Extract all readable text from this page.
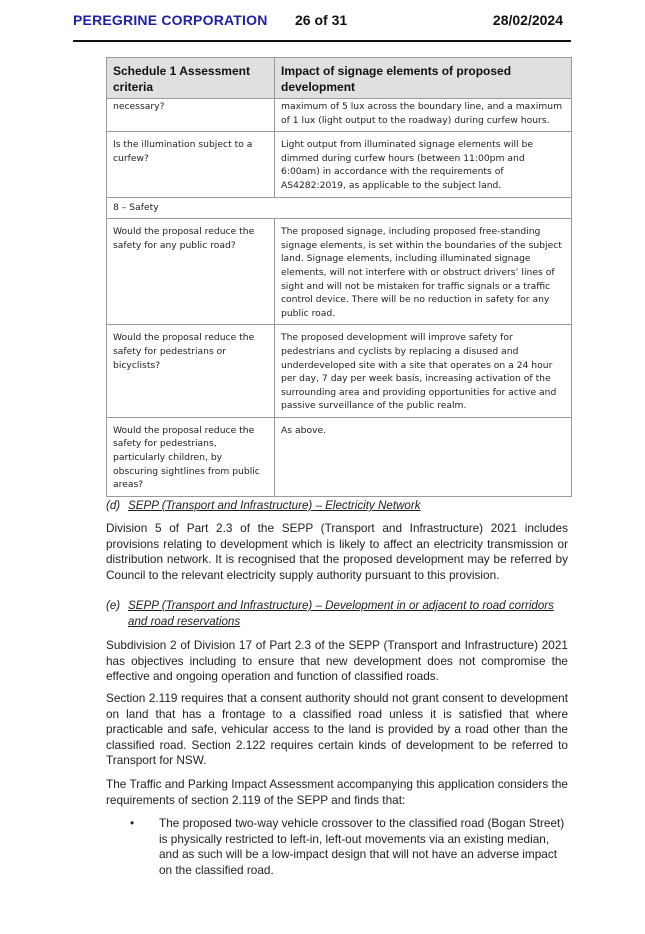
PEREGRINE CORPORATION 26 of 31	28/02/2024
Schedule 1 Assessment criteria	Impact of signage elements of proposed development
necessary?	maximum of 5 lux across the boundary line, and a maximum of 1 lux (light output to the roadway) during curfew hours.
Is the illumination subject to a curfew?	Light output from illuminated signage elements will be dimmed during curfew hours (between 11:00pm and 6:00am) in accordance with the requirements of AS4282:2019, as applicable to the subject land.
8 – Safety	
Would the proposal reduce the safety for any public road?	The proposed signage, including proposed free-standing signage elements, is set within the boundaries of the subject land. Signage elements, including illuminated signage elements, will not interfere with or obstruct drivers’ lines of sight and will not be mistaken for traffic signals or a traffic control device. There will be no reduction in safety for any public road.
Would the proposal reduce the safety for pedestrians or bicyclists?	The proposed development will improve safety for pedestrians and cyclists by replacing a disused and underdeveloped site with a site that operates on a 24 hour per day, 7 day per week basis, increasing activation of the surrounding area and providing opportunities for active and passive surveillance of the public realm.
Would the proposal reduce the safety for pedestrians, particularly children, by obscuring sightlines from public areas?	As above.
(d) SEPP (Transport and Infrastructure) – Electricity Network

Division 5 of Part 2.3 of the SEPP (Transport and Infrastructure) 2021 includes provisions relating to development which is likely to affect an electricity transmission or distribution network. It is recognised that the proposed development may be referred by Council to the relevant electricity supply authority pursuant to this provision.

(e) SEPP (Transport and Infrastructure) – Development in or adjacent to road corridors and road reservations

Subdivision 2 of Division 17 of Part 2.3 of the SEPP (Transport and Infrastructure) 2021 has objectives including to ensure that new development does not compromise the effective and ongoing operation and function of classified roads.

Section 2.119 requires that a consent authority should not grant consent to development on land that has a frontage to a classified road unless it is satisfied that where practicable and safe, vehicular access to the land is provided by a road other than the classified road. Section 2.122 requires certain kinds of development to be referred to Transport for NSW.

The Traffic and Parking Impact Assessment accompanying this application considers the requirements of section 2.119 of the SEPP and finds that:

• The proposed two-way vehicle crossover to the classified road (Bogan Street) is physically restricted to left-in, left-out movements via an existing median, and as such will be a low-impact design that will not have an adverse impact on the classified road.
